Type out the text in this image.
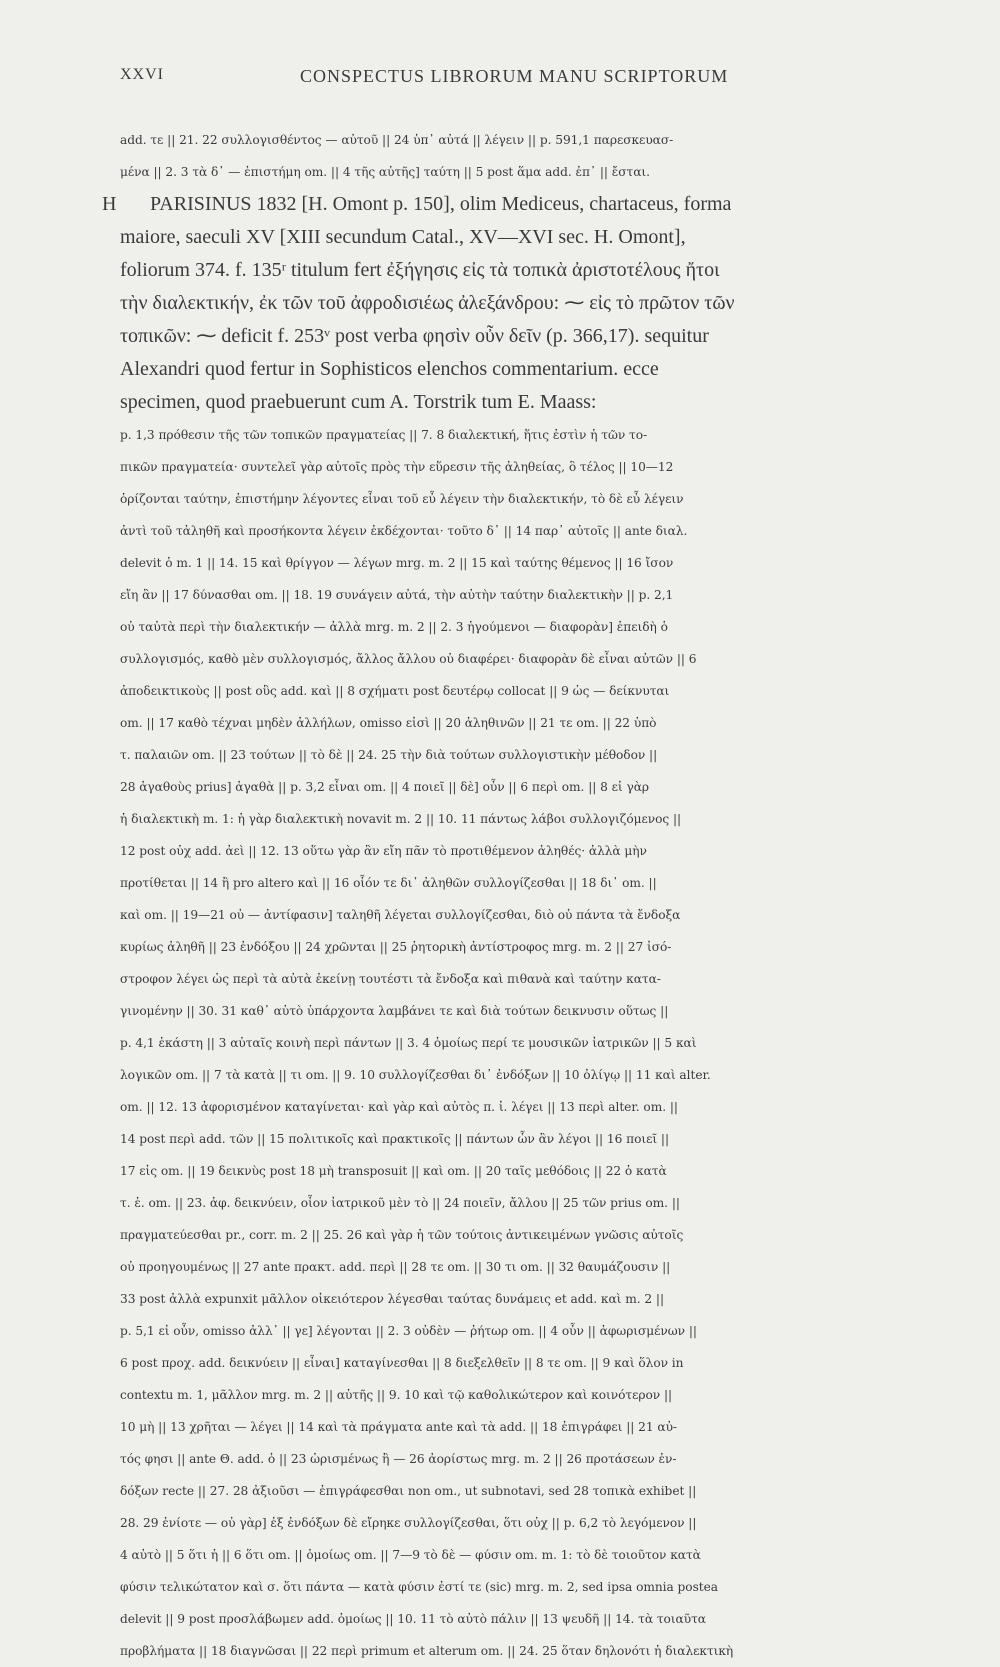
XXVI	CONSPECTUS LIBRORUM MANU SCRIPTORUM
add. τε || 21. 22 συλλογισθέντος — αὐτοῦ || 24 ὑπ᾽ αὐτά || λέγειν || p. 591,1 παρεσκευασ-
μένα || 2. 3 τὰ δ᾽ — ἐπιστήμη om. || 4 τῆς αὐτῆς] ταύτη || 5 post ἅμα add. ἐπ᾽ || ἔσται.
H PARISINUS 1832 [H. Omont p. 150], olim Mediceus, chartaceus, forma
maiore, saeculi XV [XIII secundum Catal., XV—XVI sec. H. Omont],
foliorum 374. f. 135ʳ titulum fert ἐξήγησις εἰς τὰ τοπικὰ ἀριστοτέλους ἤτοι
τὴν διαλεκτικήν, ἐκ τῶν τοῦ ἀφροδισιέως ἀλεξάνδρου: ⁓ εἰς τὸ πρῶτον τῶν
τοπικῶν: ⁓ deficit f. 253ᵛ post verba φησὶν οὖν δεῖν (p. 366,17). sequitur
Alexandri quod fertur in Sophisticos elenchos commentarium. ecce
specimen, quod praebuerunt cum A. Torstrik tum E. Maass:
p. 1,3 πρόθεσιν τῆς τῶν τοπικῶν πραγματείας || 7. 8 διαλεκτική, ἥτις ἐστὶν ἡ τῶν το-
πικῶν πραγματεία· συντελεῖ γὰρ αὐτοῖς πρὸς τὴν εὕρεσιν τῆς ἀληθείας, ὃ τέλος || 10—12
ὁρίζονται ταύτην, ἐπιστήμην λέγοντες εἶναι τοῦ εὖ λέγειν τὴν διαλεκτικήν, τὸ δὲ εὖ λέγειν
ἀντὶ τοῦ τἀληθῆ καὶ προσήκοντα λέγειν ἐκδέχονται· τοῦτο δ᾽ || 14 παρ᾽ αὐτοῖς || ante διαλ.
delevit ὁ m. 1 || 14. 15 καὶ θρίγγον — λέγων mrg. m. 2 || 15 καὶ ταύτης θέμενος || 16 ἴσον
εἴη ἂν || 17 δύνασθαι om. || 18. 19 συνάγειν αὐτά, τὴν αὐτὴν ταύτην διαλεκτικὴν || p. 2,1
οὐ ταὐτὰ περὶ τὴν διαλεκτικήν — ἀλλὰ mrg. m. 2 || 2. 3 ἡγούμενοι — διαφορὰν] ἐπειδὴ ὁ
συλλογισμός, καθὸ μὲν συλλογισμός, ἄλλος ἄλλου οὐ διαφέρει· διαφορὰν δὲ εἶναι αὐτῶν || 6
ἀποδεικτικοὺς || post οὓς add. καὶ || 8 σχήματι post δευτέρῳ collocat || 9 ὡς — δείκνυται
om. || 17 καθὸ τέχναι μηδὲν ἀλλήλων, omisso εἰσὶ || 20 ἀληθινῶν || 21 τε om. || 22 ὑπὸ
τ. παλαιῶν om. || 23 τούτων || τὸ δὲ || 24. 25 τὴν διὰ τούτων συλλογιστικὴν μέθοδον ||
28 ἀγαθοὺς prius] ἀγαθὰ || p. 3,2 εἶναι om. || 4 ποιεῖ || δὲ] οὖν || 6 περὶ om. || 8 εἰ γὰρ
ἡ διαλεκτικὴ m. 1: ἡ γὰρ διαλεκτικὴ novavit m. 2 || 10. 11 πάντως λάβοι συλλογιζόμενος ||
12 post οὐχ add. ἀεὶ || 12. 13 οὕτω γὰρ ἂν εἴη πᾶν τὸ προτιθέμενον ἀληθές· ἀλλὰ μὴν
προτίθεται || 14 ἢ pro altero καὶ || 16 οἷόν τε δι᾽ ἀληθῶν συλλογίζεσθαι || 18 δι᾽ om. ||
καὶ om. || 19—21 οὐ — ἀντίφασιν] ταληθῆ λέγεται συλλογίζεσθαι, διὸ οὐ πάντα τὰ ἔνδοξα
κυρίως ἀληθῆ || 23 ἐνδόξου || 24 χρῶνται || 25 ῥητορικὴ ἀντίστροφος mrg. m. 2 || 27 ἰσό-
στροφον λέγει ὡς περὶ τὰ αὐτὰ ἐκείνῃ τουτέστι τὰ ἔνδοξα καὶ πιθανὰ καὶ ταύτην κατα-
γινομένην || 30. 31 καθ᾽ αὑτὸ ὑπάρχοντα λαμβάνει τε καὶ διὰ τούτων δεικνυσιν οὕτως ||
p. 4,1 ἑκάστη || 3 αὐταῖς κοινὴ περὶ πάντων || 3. 4 ὁμοίως περί τε μουσικῶν ἰατρικῶν || 5 καὶ
λογικῶν om. || 7 τὰ κατὰ || τι om. || 9. 10 συλλογίζεσθαι δι᾽ ἐνδόξων || 10 ὀλίγῳ || 11 καὶ alter.
om. || 12. 13 ἀφορισμένον καταγίνεται· καὶ γὰρ καὶ αὐτὸς π. ἰ. λέγει || 13 περὶ alter. om. ||
14 post περὶ add. τῶν || 15 πολιτικοῖς καὶ πρακτικοῖς || πάντων ὧν ἂν λέγοι || 16 ποιεῖ ||
17 εἰς om. || 19 δεικνὺς post 18 μὴ transposuit || καὶ om. || 20 ταῖς μεθόδοις || 22 ὁ κατὰ
τ. ἑ. om. || 23. ἀφ. δεικνύειν, οἷον ἰατρικοῦ μὲν τὸ || 24 ποιεῖν, ἄλλου || 25 τῶν prius om. ||
πραγματεύεσθαι pr., corr. m. 2 || 25. 26 καὶ γὰρ ἡ τῶν τούτοις ἀντικειμένων γνῶσις αὐτοῖς
οὐ προηγουμένως || 27 ante πρακτ. add. περὶ || 28 τε om. || 30 τι om. || 32 θαυμάζουσιν ||
33 post ἀλλὰ expunxit μᾶλλον οἰκειότερον λέγεσθαι ταύτας δυνάμεις et add. καὶ m. 2 ||
p. 5,1 εἰ οὖν, omisso ἀλλ᾽ || γε] λέγονται || 2. 3 οὐδὲν — ῥήτωρ om. || 4 οὖν || ἀφωρισμένων ||
6 post προχ. add. δεικνύειν || εἶναι] καταγίνεσθαι || 8 διεξελθεῖν || 8 τε om. || 9 καὶ ὅλον in
contextu m. 1, μᾶλλον mrg. m. 2 || αὐτῆς || 9. 10 καὶ τῷ καθολικώτερον καὶ κοινότερον ||
10 μὴ || 13 χρῆται — λέγει || 14 καὶ τὰ πράγματα ante καὶ τὰ add. || 18 ἐπιγράφει || 21 αὐ-
τός φησι || ante Θ. add. ὁ || 23 ὡρισμένως ἢ — 26 ἀορίστως mrg. m. 2 || 26 προτάσεων ἐν-
δόξων recte || 27. 28 ἀξιοῦσι — ἐπιγράφεσθαι non om., ut subnotavi, sed 28 τοπικὰ exhibet ||
28. 29 ἐνίοτε — οὐ γὰρ] ἐξ ἐνδόξων δὲ εἴρηκε συλλογίζεσθαι, ὅτι οὐχ || p. 6,2 τὸ λεγόμενον ||
4 αὐτὸ || 5 ὅτι ἡ || 6 ὅτι om. || ὁμοίως om. || 7—9 τὸ δὲ — φύσιν om. m. 1: τὸ δὲ τοιοῦτον κατὰ
φύσιν τελικώτατον καὶ σ. ὅτι πάντα — κατὰ φύσιν ἐστί τε (sic) mrg. m. 2, sed ipsa omnia postea
delevit || 9 post προσλάβωμεν add. ὁμοίως || 10. 11 τὸ αὐτὸ πάλιν || 13 ψευδῆ || 14. τὰ τοιαῦτα
προβλήματα || 18 διαγνῶσαι || 22 περὶ primum et alterum om. || 24. 25 ὅταν δηλονότι ἡ διαλεκτικὴ
